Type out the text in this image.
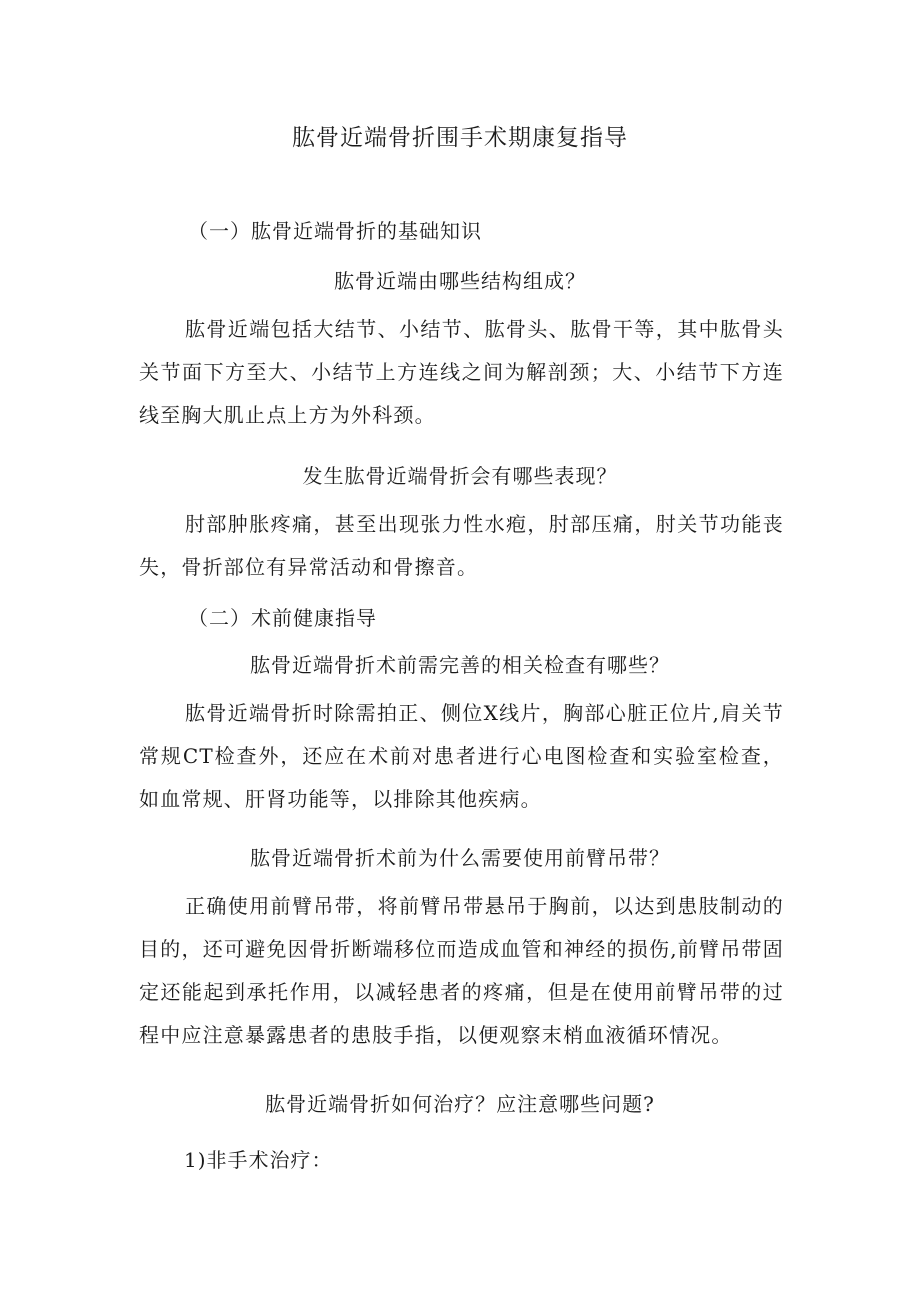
肱骨近端骨折围手术期康复指导
（一）肱骨近端骨折的基础知识
肱骨近端由哪些结构组成？

肱骨近端包括大结节、小结节、肱骨头、肱骨干等，其中肱骨头关节面下方至大、小结节上方连线之间为解剖颈；大、小结节下方连线至胸大肌止点上方为外科颈。

发生肱骨近端骨折会有哪些表现？

肘部肿胀疼痛，甚至出现张力性水疱，肘部压痛，肘关节功能丧失，骨折部位有异常活动和骨擦音。

（二）术前健康指导
肱骨近端骨折术前需完善的相关检查有哪些？

肱骨近端骨折时除需拍正、侧位X线片，胸部心脏正位片,肩关节常规CT检查外，还应在术前对患者进行心电图检查和实验室检查，如血常规、肝肾功能等，以排除其他疾病。

肱骨近端骨折术前为什么需要使用前臂吊带？

正确使用前臂吊带，将前臂吊带悬吊于胸前，以达到患肢制动的目的，还可避免因骨折断端移位而造成血管和神经的损伤,前臂吊带固定还能起到承托作用，以减轻患者的疼痛，但是在使用前臂吊带的过程中应注意暴露患者的患肢手指，以便观察末梢血液循环情况。

肱骨近端骨折如何治疗？应注意哪些问题?
1)非手术治疗：
